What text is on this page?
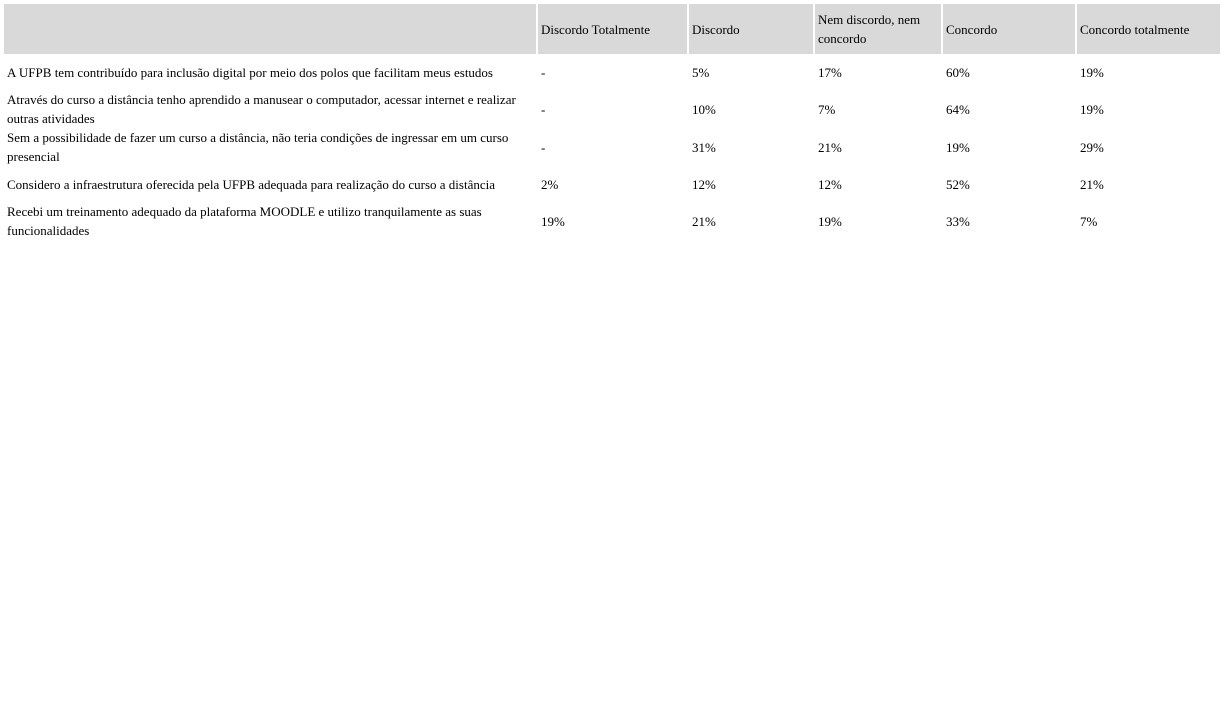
	Discordo Totalmente	Discordo	Nem discordo, nem concordo	Concordo	Concordo totalmente
A UFPB tem contribuído para inclusão digital por meio dos polos que facilitam meus estudos	-	5%	17%	60%	19%
Através do curso a distância tenho aprendido a manusear o computador, acessar internet e realizar outras atividades	-	10%	7%	64%	19%
Sem a possibilidade de fazer um curso a distância, não teria condições de ingressar em um curso presencial	-	31%	21%	19%	29%
Considero a infraestrutura oferecida pela UFPB adequada para realização do curso a distância	2%	12%	12%	52%	21%
Recebi um treinamento adequado da plataforma MOODLE e utilizo tranquilamente as suas funcionalidades	19%	21%	19%	33%	7%
